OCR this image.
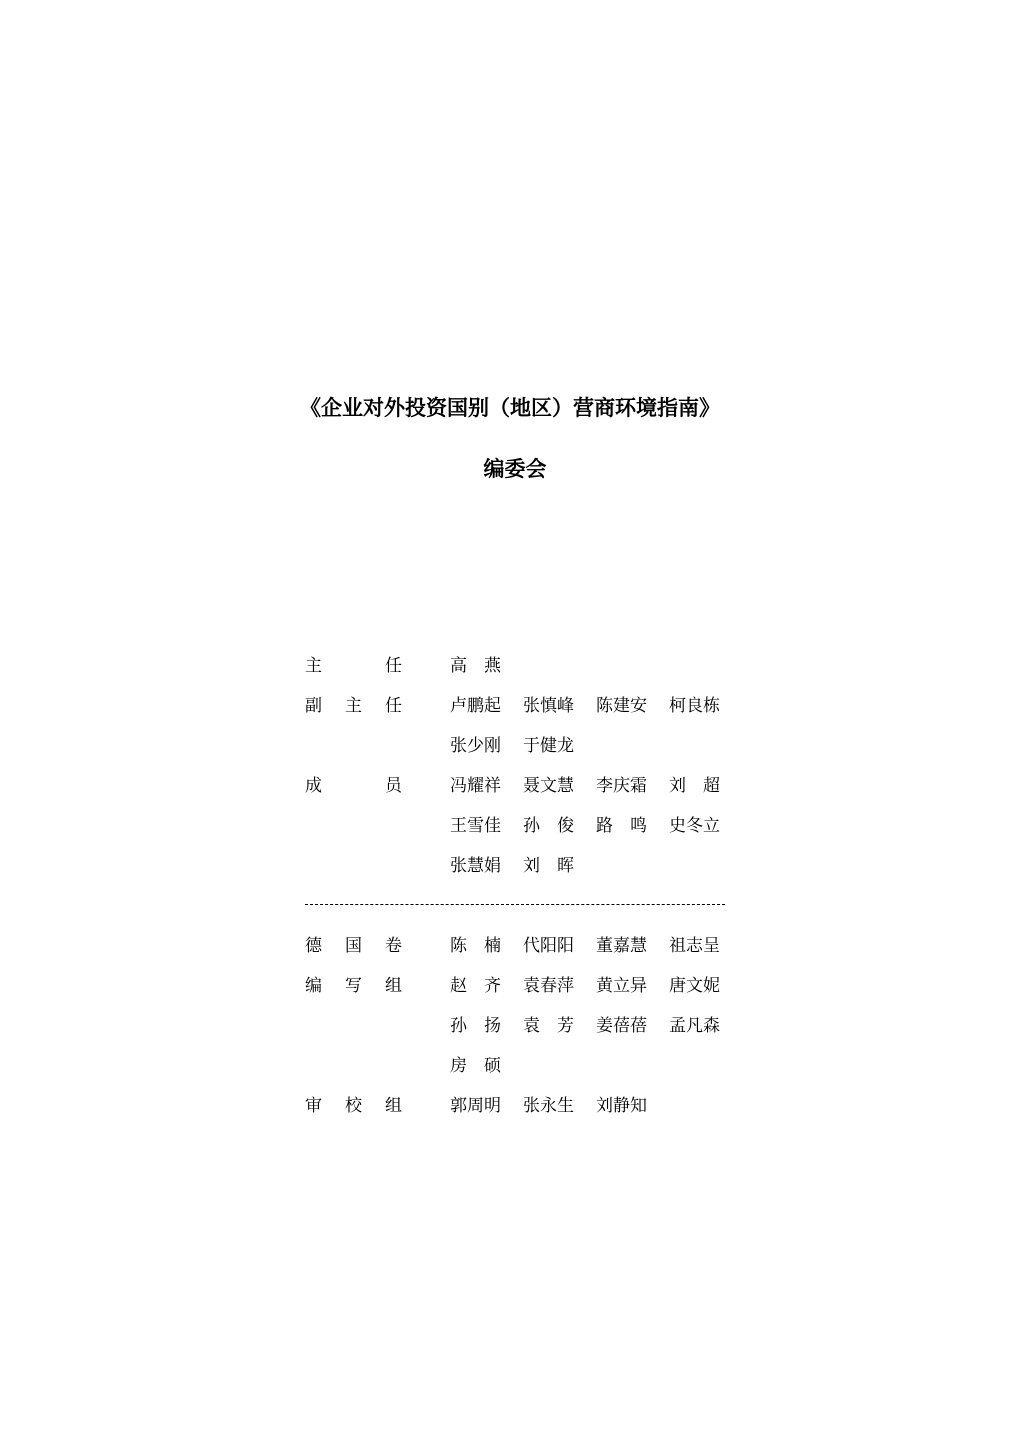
《企业对外投资国别（地区）营商环境指南》
编委会
主	任	高　燕
副 主 任	卢鹏起 张慎峰 陈建安 柯良栋
张少刚 于健龙
成	员	冯耀祥 聂文慧 李庆霜 刘　超
王雪佳 孙　俊 路　鸣 史冬立
张慧娟 刘　晖
德 国 卷	陈　楠 代阳阳 董嘉慧 祖志呈
编 写 组	赵　齐 袁春萍 黄立异 唐文妮
孙　扬 袁　芳 姜蓓蓓 孟凡森
房　硕
审 校 组	郭周明 张永生 刘静知
